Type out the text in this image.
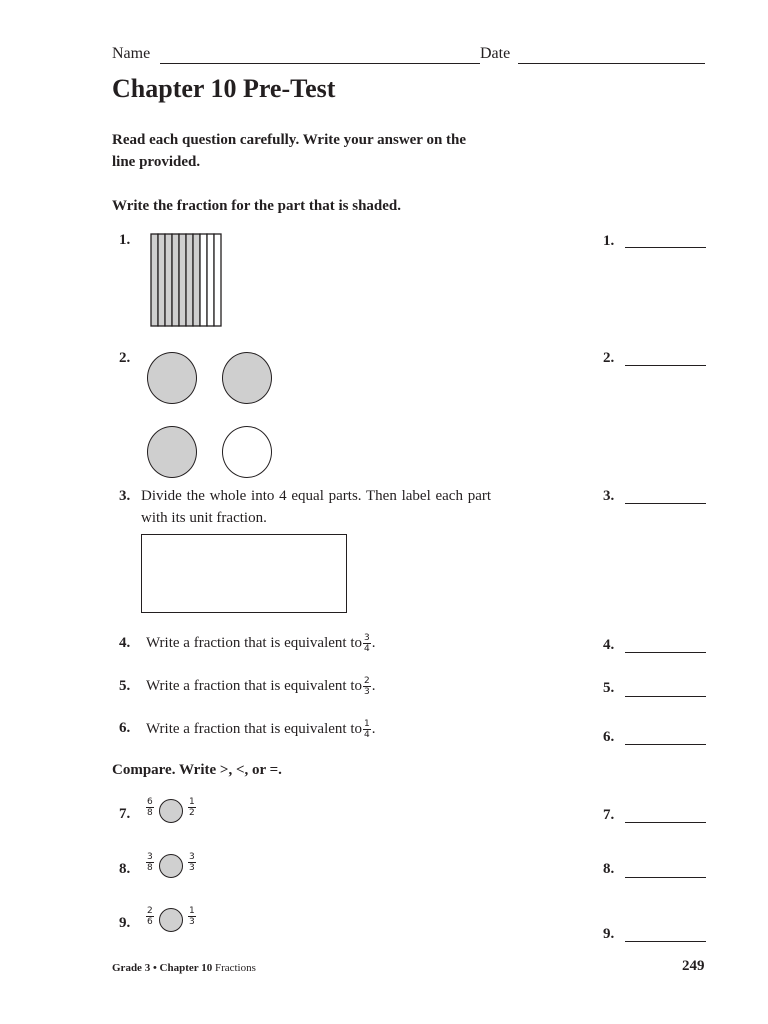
Name	Date
Chapter 10 Pre-Test
Read each question carefully. Write your answer on the
line provided.
Write the fraction for the part that is shaded.
1.	1.
2.	2.
3. Divide the whole into 4 equal parts. Then label each part
with its unit fraction.
3.
4. Write a fraction that is equivalent to $\frac{3}{4}$ .	4.
5. Write a fraction that is equivalent to $\frac{2}{3}$ .	5.
6. Write a fraction that is equivalent to $\frac{1}{4}$ .	6.
Compare. Write >, <, or =.
7. $\frac{6}{8}$	$\frac{1}{2}$	7.
8. $\frac{3}{8}$	$\frac{3}{3}$	8.
9. $\frac{2}{6}$	$\frac{1}{3}$
9.
Grade 3 • Chapter 10 Fractions	249
